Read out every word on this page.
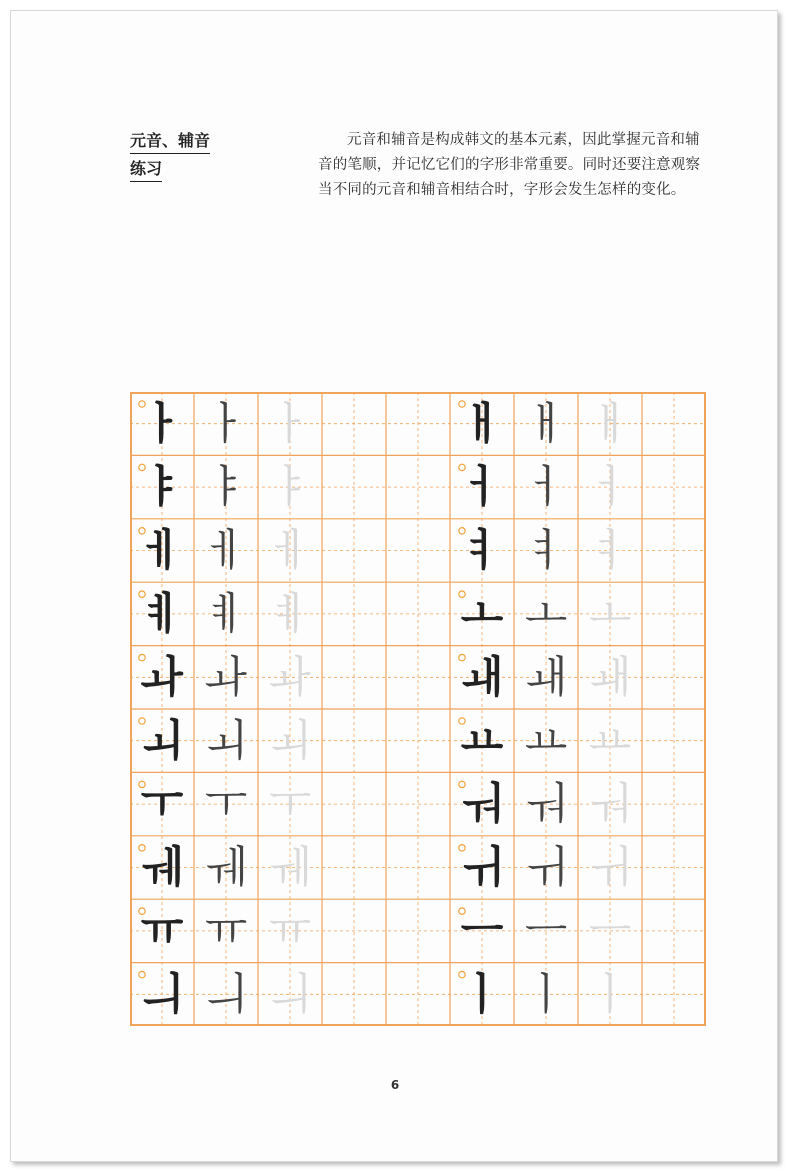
元音、辅音
练习
元音和辅音是构成韩文的基本元素，因此掌握元音和辅音的笔顺，并记忆它们的字形非常重要。同时还要注意观察当不同的元音和辅音相结合时，字形会发生怎样的变化。
ㅏ ㅏ ㅏ
ㅑ ㅑ ㅑ
ㅔ ㅔ ㅔ
ㅖ ㅖ ㅖ
ㅘ ㅘ ㅘ
ㅚ ㅚ ㅚ
ㅜ ㅜ ㅜ
ㅞ ㅞ ㅞ
ㅠ ㅠ ㅠ
ㅢ ㅢ ㅢ
ㅐ ㅐ ㅐ
ㅓ ㅓ ㅓ
ㅕ ㅕ ㅕ
ㅗ ㅗ ㅗ
ㅙ ㅙ ㅙ
ㅛ ㅛ ㅛ
ㅝ ㅝ ㅝ
ㅟ ㅟ ㅟ
ㅡ ㅡ ㅡ
ㅣ ㅣ ㅣ
6
